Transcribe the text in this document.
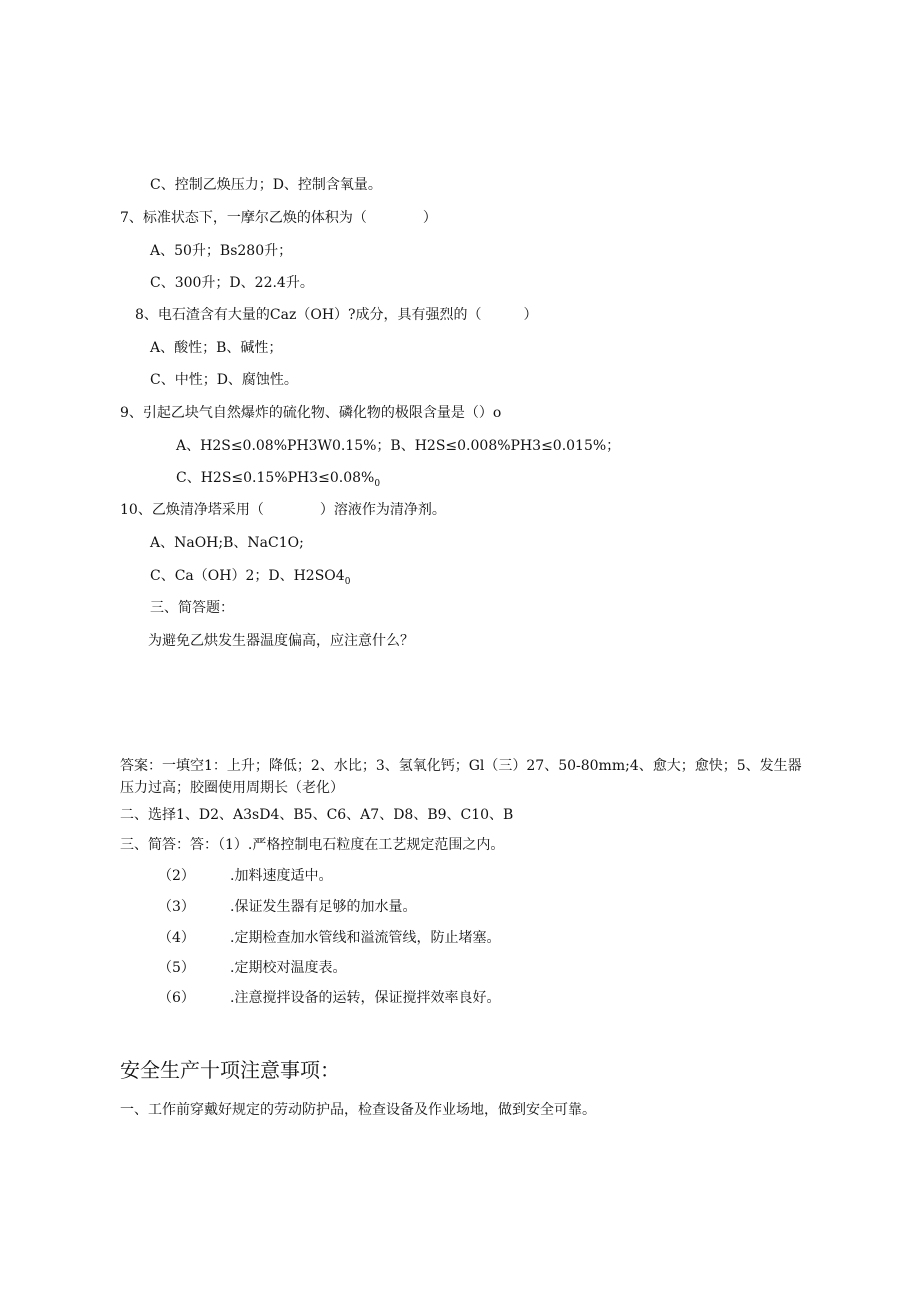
C、控制乙焕压力；D、控制含氧量。
7、标准状态下，一摩尔乙焕的体积为（　　　　）
A、50升；Bs280升；
C、300升；D、22.4升。
8、电石渣含有大量的Caz（OH）?成分，具有强烈的（　　　）
A、酸性；B、碱性；
C、中性；D、腐蚀性。
9、引起乙块气自然爆炸的硫化物、磷化物的极限含量是（）o
A、H2S≤0.08%PH3W0.15%；B、H2S≤0.008%PH3≤0.015%；
C、$H2S\le 0.15\%PH3\le 0.08\%_0$
10、乙焕清净塔采用（　　　　）溶液作为清净剂。
A、NaOH;B、NaC1O;
C、Ca（OH）2；D、$H2SO4_0$
三、简答题：
为避免乙烘发生器温度偏高，应注意什么？
答案：一填空1：上升；降低；2、水比；3、氢氧化钙；Gl（三）27、50-80mm;4、愈大；愈快；5、发生器压力过高；胶圈使用周期长（老化）
二、选择1、D2、A3sD4、B5、C6、A7、D8、B9、C10、B
三、简答：答：（1）.严格控制电石粒度在工艺规定范围之内。
（2）	.加料速度适中。
（3）	.保证发生器有足够的加水量。
（4）	.定期检查加水管线和溢流管线，防止堵塞。
（5）	.定期校对温度表。
（6）	.注意搅拌设备的运转，保证搅拌效率良好。
安全生产十项注意事项：
一、工作前穿戴好规定的劳动防护品，检查设备及作业场地，做到安全可靠。
